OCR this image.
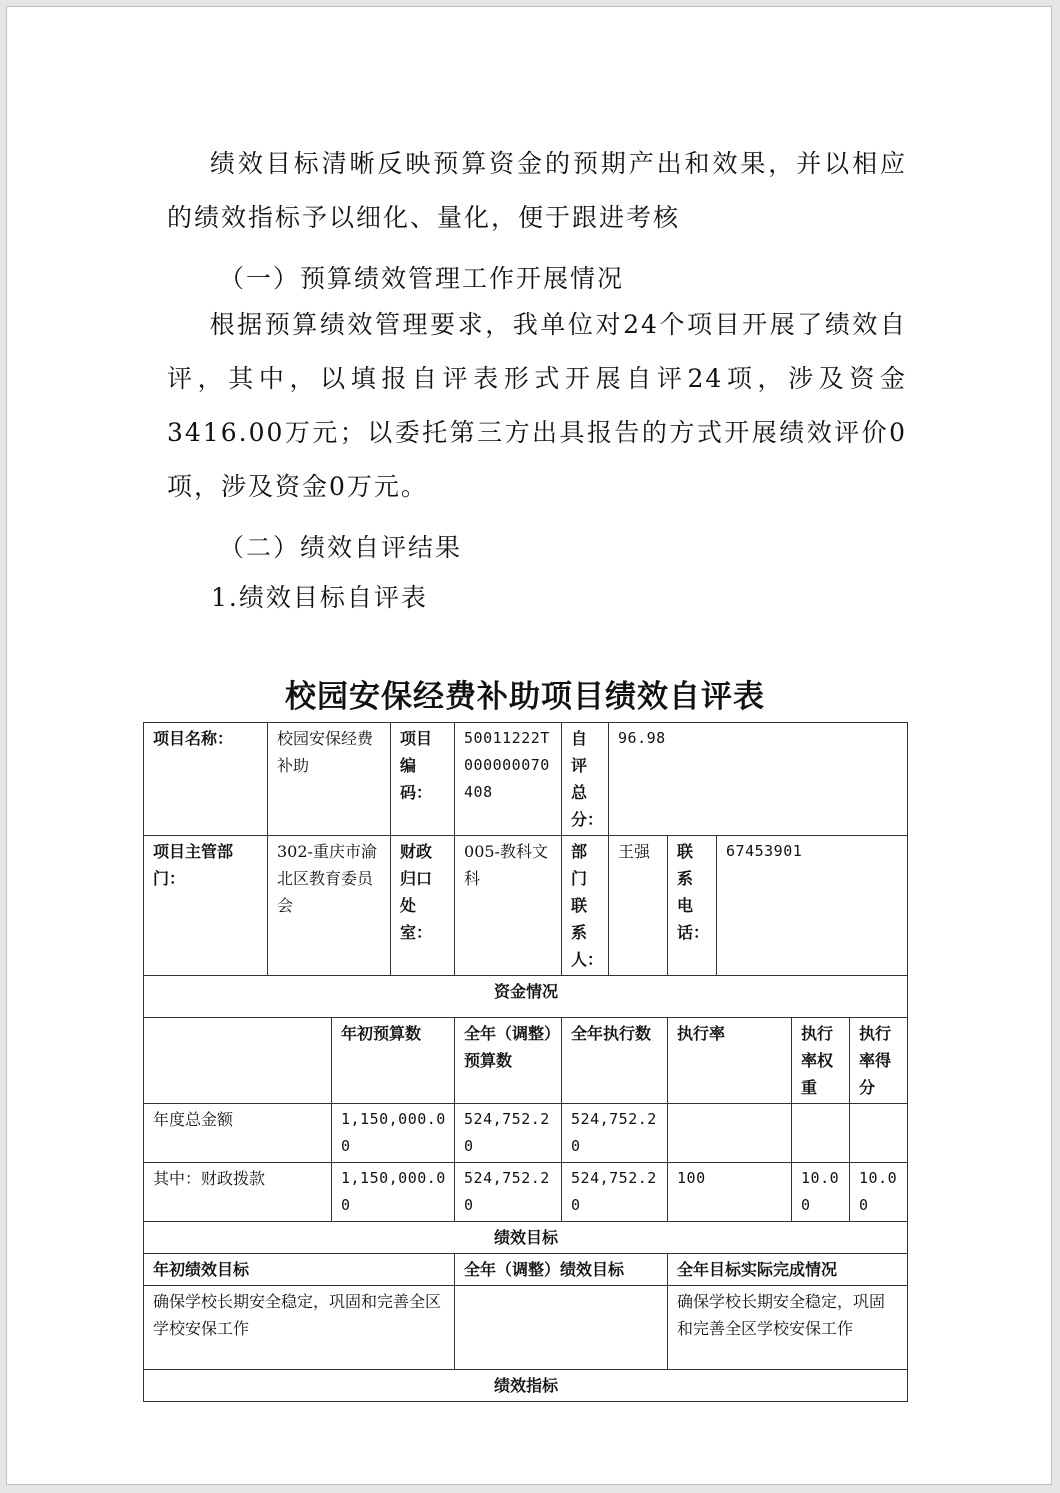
绩效目标清晰反映预算资金的预期产出和效果，并以相应的绩效指标予以细化、量化，便于跟进考核

（一）预算绩效管理工作开展情况

根据预算绩效管理要求，我单位对24个项目开展了绩效自评，其中，以填报自评表形式开展自评24项，涉及资金3416.00万元；以委托第三方出具报告的方式开展绩效评价0项，涉及资金0万元。

（二）绩效自评结果

1.绩效目标自评表

校园安保经费补助项目绩效自评表

项目名称：	校园安保经费补助		项目编码：	50011222T000000070408	自评总分：	96.98				
项目主管部门：	302-重庆市渝北区教育委员会		财政归口处室：	005-教科文科	部门联系人：	王强	联系电话：	67453901		
资金情况										
		年初预算数		全年（调整）预算数	全年执行数		执行率		执行率权重	执行率得分
年度总金额		1,150,000.00		524,752.20	524,752.20					
其中：财政拨款		1,150,000.00		524,752.20	524,752.20		100		10.00	10.00
绩效目标										
年初绩效目标				全年（调整）绩效目标			全年目标实际完成情况			
确保学校长期安全稳定，巩固和完善全区学校安保工作							确保学校长期安全稳定，巩固和完善全区学校安保工作			
绩效指标										
